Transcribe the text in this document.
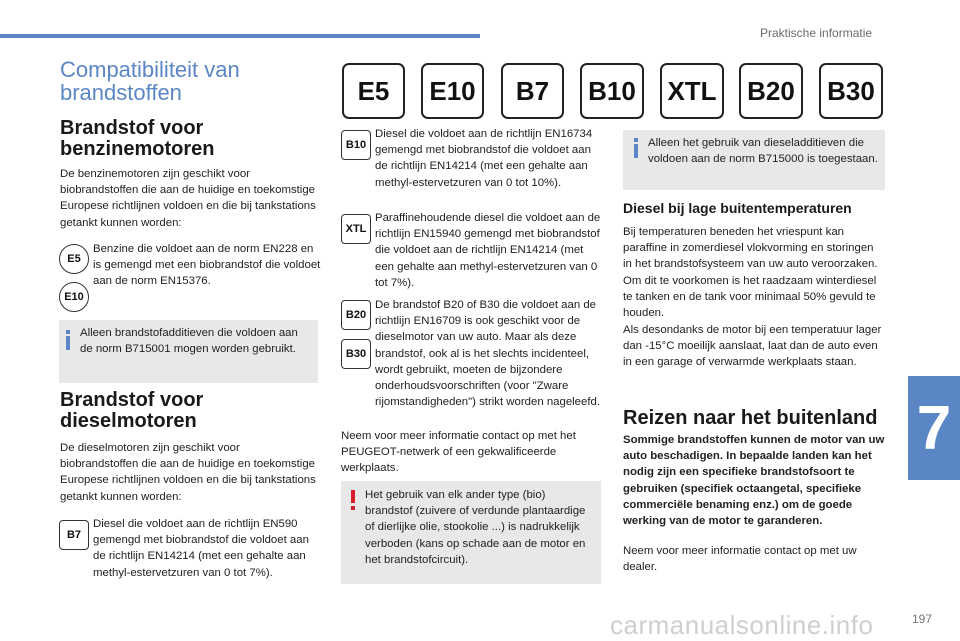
Praktische informatie
Compatibiliteit van brandstoffen	E5	E10	B7	B10	XTL	B20	B30
Brandstof voor benzinemotoren
De benzinemotoren zijn geschikt voor biobrandstoffen die aan de huidige en toekomstige Europese richtlijnen voldoen en die bij tankstations getankt kunnen worden:
E5
E10
Benzine die voldoet aan de norm EN228 en is gemengd met een biobrandstof die voldoet aan de norm EN15376.
Alleen brandstofadditieven die voldoen aan de norm B715001 mogen worden gebruikt.
Brandstof voor dieselmotoren
De dieselmotoren zijn geschikt voor biobrandstoffen die aan de huidige en toekomstige Europese richtlijnen voldoen en die bij tankstations getankt kunnen worden:
B7
Diesel die voldoet aan de richtlijn EN590 gemengd met biobrandstof die voldoet aan de richtlijn EN14214 (met een gehalte aan methyl-estervetzuren van 0 tot 7%).
B10
Diesel die voldoet aan de richtlijn EN16734 gemengd met biobrandstof die voldoet aan de richtlijn EN14214 (met een gehalte aan methyl-estervetzuren van 0 tot 10%).
XTL
Paraffinehoudende diesel die voldoet aan de richtlijn EN15940 gemengd met biobrandstof die voldoet aan de richtlijn EN14214 (met een gehalte aan methyl-estervetzuren van 0 tot 7%).
B20
B30
De brandstof B20 of B30 die voldoet aan de richtlijn EN16709 is ook geschikt voor de dieselmotor van uw auto. Maar als deze brandstof, ook al is het slechts incidenteel, wordt gebruikt, moeten de bijzondere onderhoudsvoorschriften (voor "Zware rijomstandigheden") strikt worden nageleefd.
Neem voor meer informatie contact op met het PEUGEOT-netwerk of een gekwalificeerde werkplaats.
Het gebruik van elk ander type (bio) brandstof (zuivere of verdunde plantaardige of dierlijke olie, stookolie ...) is nadrukkelijk verboden (kans op schade aan de motor en het brandstofcircuit).
Alleen het gebruik van dieseladditieven die voldoen aan de norm B715000 is toegestaan.
Diesel bij lage buitentemperaturen
Bij temperaturen beneden het vriespunt kan paraffine in zomerdiesel vlokvorming en storingen in het brandstofsysteem van uw auto veroorzaken. Om dit te voorkomen is het raadzaam winterdiesel te tanken en de tank voor minimaal 50% gevuld te houden.
Als desondanks de motor bij een temperatuur lager dan -15°C moeilijk aanslaat, laat dan de auto even in een garage of verwarmde werkplaats staan.
Reizen naar het buitenland
Sommige brandstoffen kunnen de motor van uw auto beschadigen. In bepaalde landen kan het nodig zijn een specifieke brandstofsoort te gebruiken (specifiek octaangetal, specifieke commerciële benaming enz.) om de goede werking van de motor te garanderen.
Neem voor meer informatie contact op met uw dealer.
7
carmanualsonline.info	197
